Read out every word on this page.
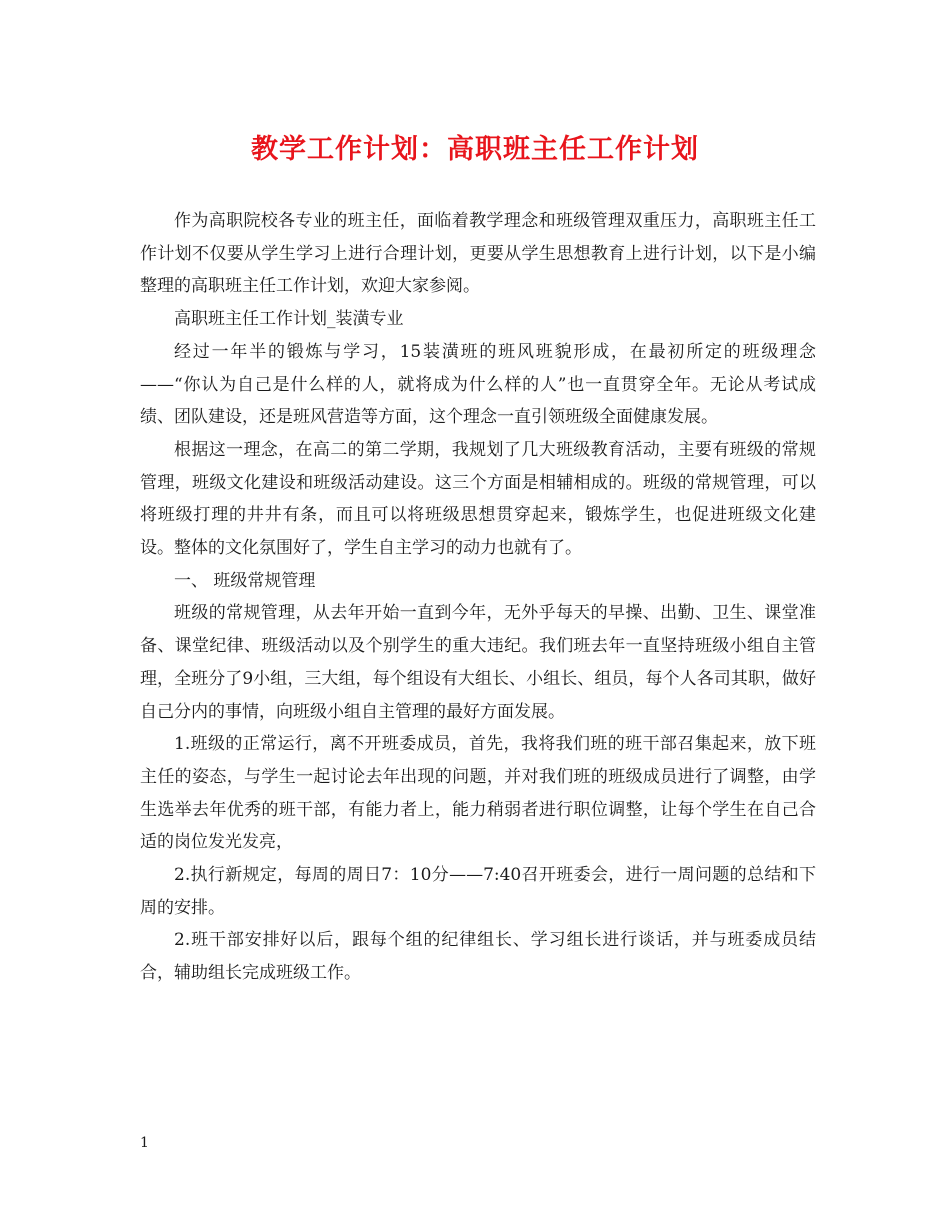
教学工作计划：高职班主任工作计划

作为高职院校各专业的班主任，面临着教学理念和班级管理双重压力，高职班主任工作计划不仅要从学生学习上进行合理计划，更要从学生思想教育上进行计划，以下是小编整理的高职班主任工作计划，欢迎大家参阅。

高职班主任工作计划_装潢专业

经过一年半的锻炼与学习，15装潢班的班风班貌形成，在最初所定的班级理念——“你认为自己是什么样的人，就将成为什么样的人”也一直贯穿全年。无论从考试成绩、团队建设，还是班风营造等方面，这个理念一直引领班级全面健康发展。

根据这一理念，在高二的第二学期，我规划了几大班级教育活动，主要有班级的常规管理，班级文化建设和班级活动建设。这三个方面是相辅相成的。班级的常规管理，可以将班级打理的井井有条，而且可以将班级思想贯穿起来，锻炼学生，也促进班级文化建设。整体的文化氛围好了，学生自主学习的动力也就有了。

一、 班级常规管理

班级的常规管理，从去年开始一直到今年，无外乎每天的早操、出勤、卫生、课堂准备、课堂纪律、班级活动以及个别学生的重大违纪。我们班去年一直坚持班级小组自主管理，全班分了9小组，三大组，每个组设有大组长、小组长、组员，每个人各司其职，做好自己分内的事情，向班级小组自主管理的最好方面发展。

1.班级的正常运行，离不开班委成员，首先，我将我们班的班干部召集起来，放下班主任的姿态，与学生一起讨论去年出现的问题，并对我们班的班级成员进行了调整，由学生选举去年优秀的班干部，有能力者上，能力稍弱者进行职位调整，让每个学生在自己合适的岗位发光发亮，

2.执行新规定，每周的周日7：10分——7:40召开班委会，进行一周问题的总结和下周的安排。

2.班干部安排好以后，跟每个组的纪律组长、学习组长进行谈话，并与班委成员结合，辅助组长完成班级工作。

1
